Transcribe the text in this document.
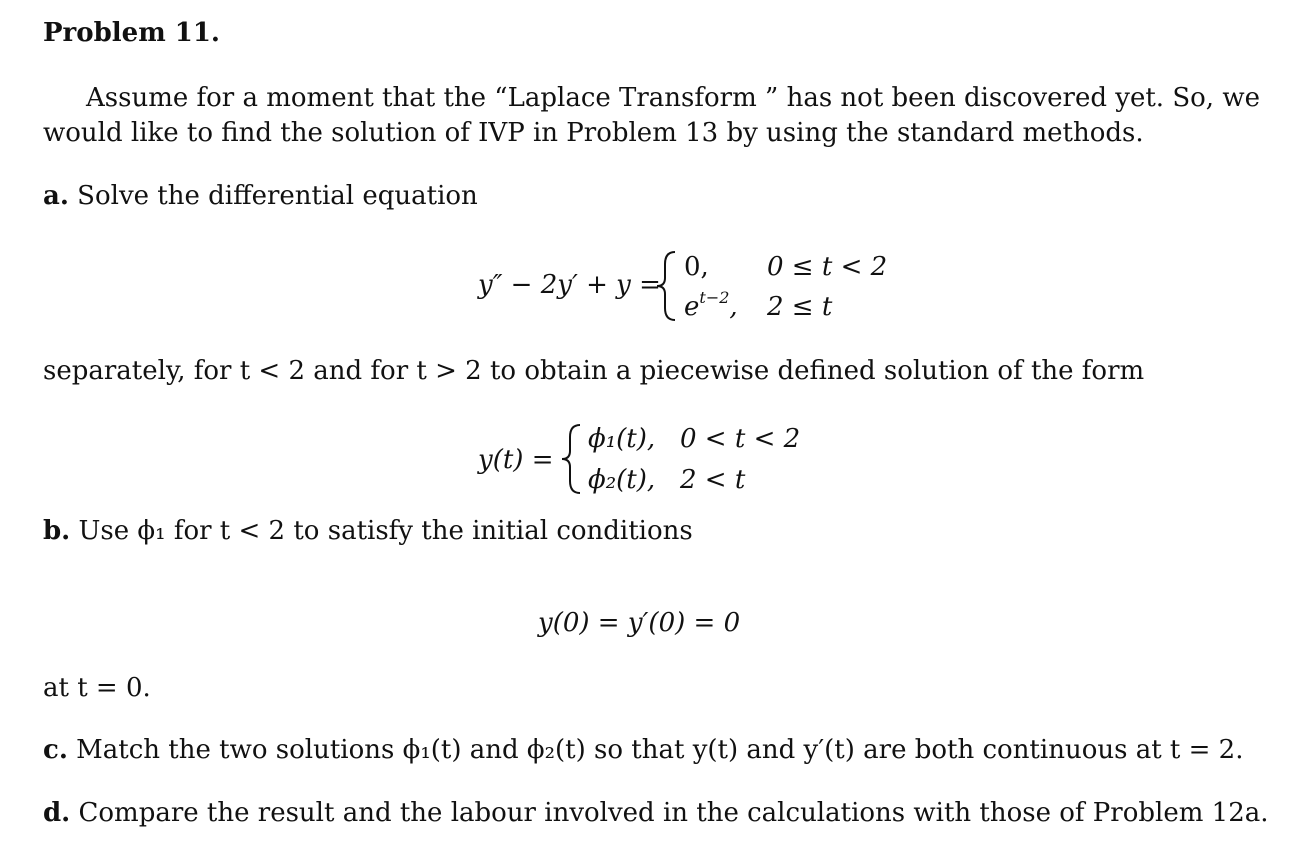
Problem 11.
Assume for a moment that the “Laplace Transform ” has not been discovered yet. So, we
would like to find the solution of IVP in Problem 13 by using the standard methods.
a. Solve the differential equation
y″ − 2y′ + y =
0, 0 ≤ t < 2
$e^{t-2}$, 2 ≤ t
separately, for t < 2 and for t > 2 to obtain a piecewise defined solution of the form
y(t) =
ϕ₁(t), 0 < t < 2
ϕ₂(t), 2 < t
b. Use ϕ₁ for t < 2 to satisfy the initial conditions
y(0) = y′(0) = 0
at t = 0.
c. Match the two solutions ϕ₁(t) and ϕ₂(t) so that y(t) and y′(t) are both continuous at t = 2.
d. Compare the result and the labour involved in the calculations with those of Problem 12a.
